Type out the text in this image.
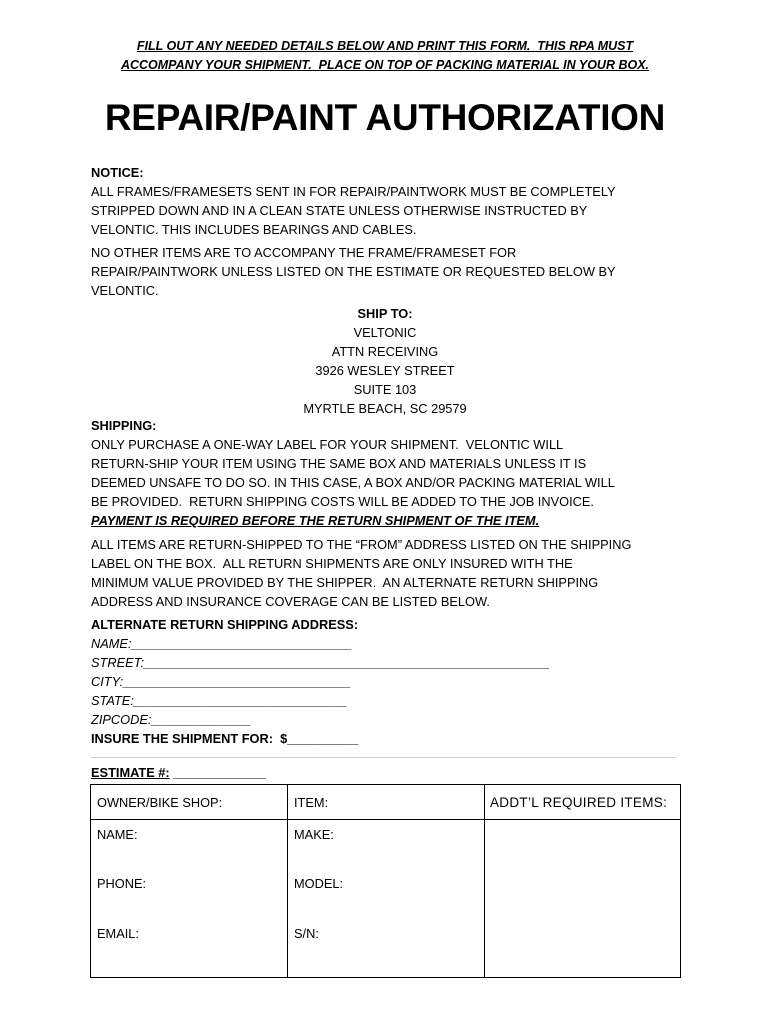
FILL OUT ANY NEEDED DETAILS BELOW AND PRINT THIS FORM.  THIS RPA MUST
ACCOMPANY YOUR SHIPMENT.  PLACE ON TOP OF PACKING MATERIAL IN YOUR BOX.
REPAIR/PAINT AUTHORIZATION
NOTICE:
ALL FRAMES/FRAMESETS SENT IN FOR REPAIR/PAINTWORK MUST BE COMPLETELY
STRIPPED DOWN AND IN A CLEAN STATE UNLESS OTHERWISE INSTRUCTED BY
VELONTIC. THIS INCLUDES BEARINGS AND CABLES.
NO OTHER ITEMS ARE TO ACCOMPANY THE FRAME/FRAMESET FOR
REPAIR/PAINTWORK UNLESS LISTED ON THE ESTIMATE OR REQUESTED BELOW BY
VELONTIC.
SHIP TO:
VELTONIC
ATTN RECEIVING
3926 WESLEY STREET
SUITE 103
MYRTLE BEACH, SC 29579
SHIPPING:
ONLY PURCHASE A ONE-WAY LABEL FOR YOUR SHIPMENT.  VELONTIC WILL
RETURN-SHIP YOUR ITEM USING THE SAME BOX AND MATERIALS UNLESS IT IS
DEEMED UNSAFE TO DO SO. IN THIS CASE, A BOX AND/OR PACKING MATERIAL WILL
BE PROVIDED.  RETURN SHIPPING COSTS WILL BE ADDED TO THE JOB INVOICE.
PAYMENT IS REQUIRED BEFORE THE RETURN SHIPMENT OF THE ITEM.
ALL ITEMS ARE RETURN-SHIPPED TO THE “FROM” ADDRESS LISTED ON THE SHIPPING
LABEL ON THE BOX.  ALL RETURN SHIPMENTS ARE ONLY INSURED WITH THE
MINIMUM VALUE PROVIDED BY THE SHIPPER.  AN ALTERNATE RETURN SHIPPING
ADDRESS AND INSURANCE COVERAGE CAN BE LISTED BELOW.
ALTERNATE RETURN SHIPPING ADDRESS:
NAME:_______________________________
STREET:_________________________________________________________
CITY:________________________________
STATE:______________________________
ZIPCODE:______________
INSURE THE SHIPMENT FOR:  $__________
ESTIMATE #: _____________
OWNER/BIKE SHOP:	ITEM:	ADDT’L REQUIRED ITEMS:
NAME:
PHONE:
EMAIL:
MAKE:
MODEL:
S/N:
